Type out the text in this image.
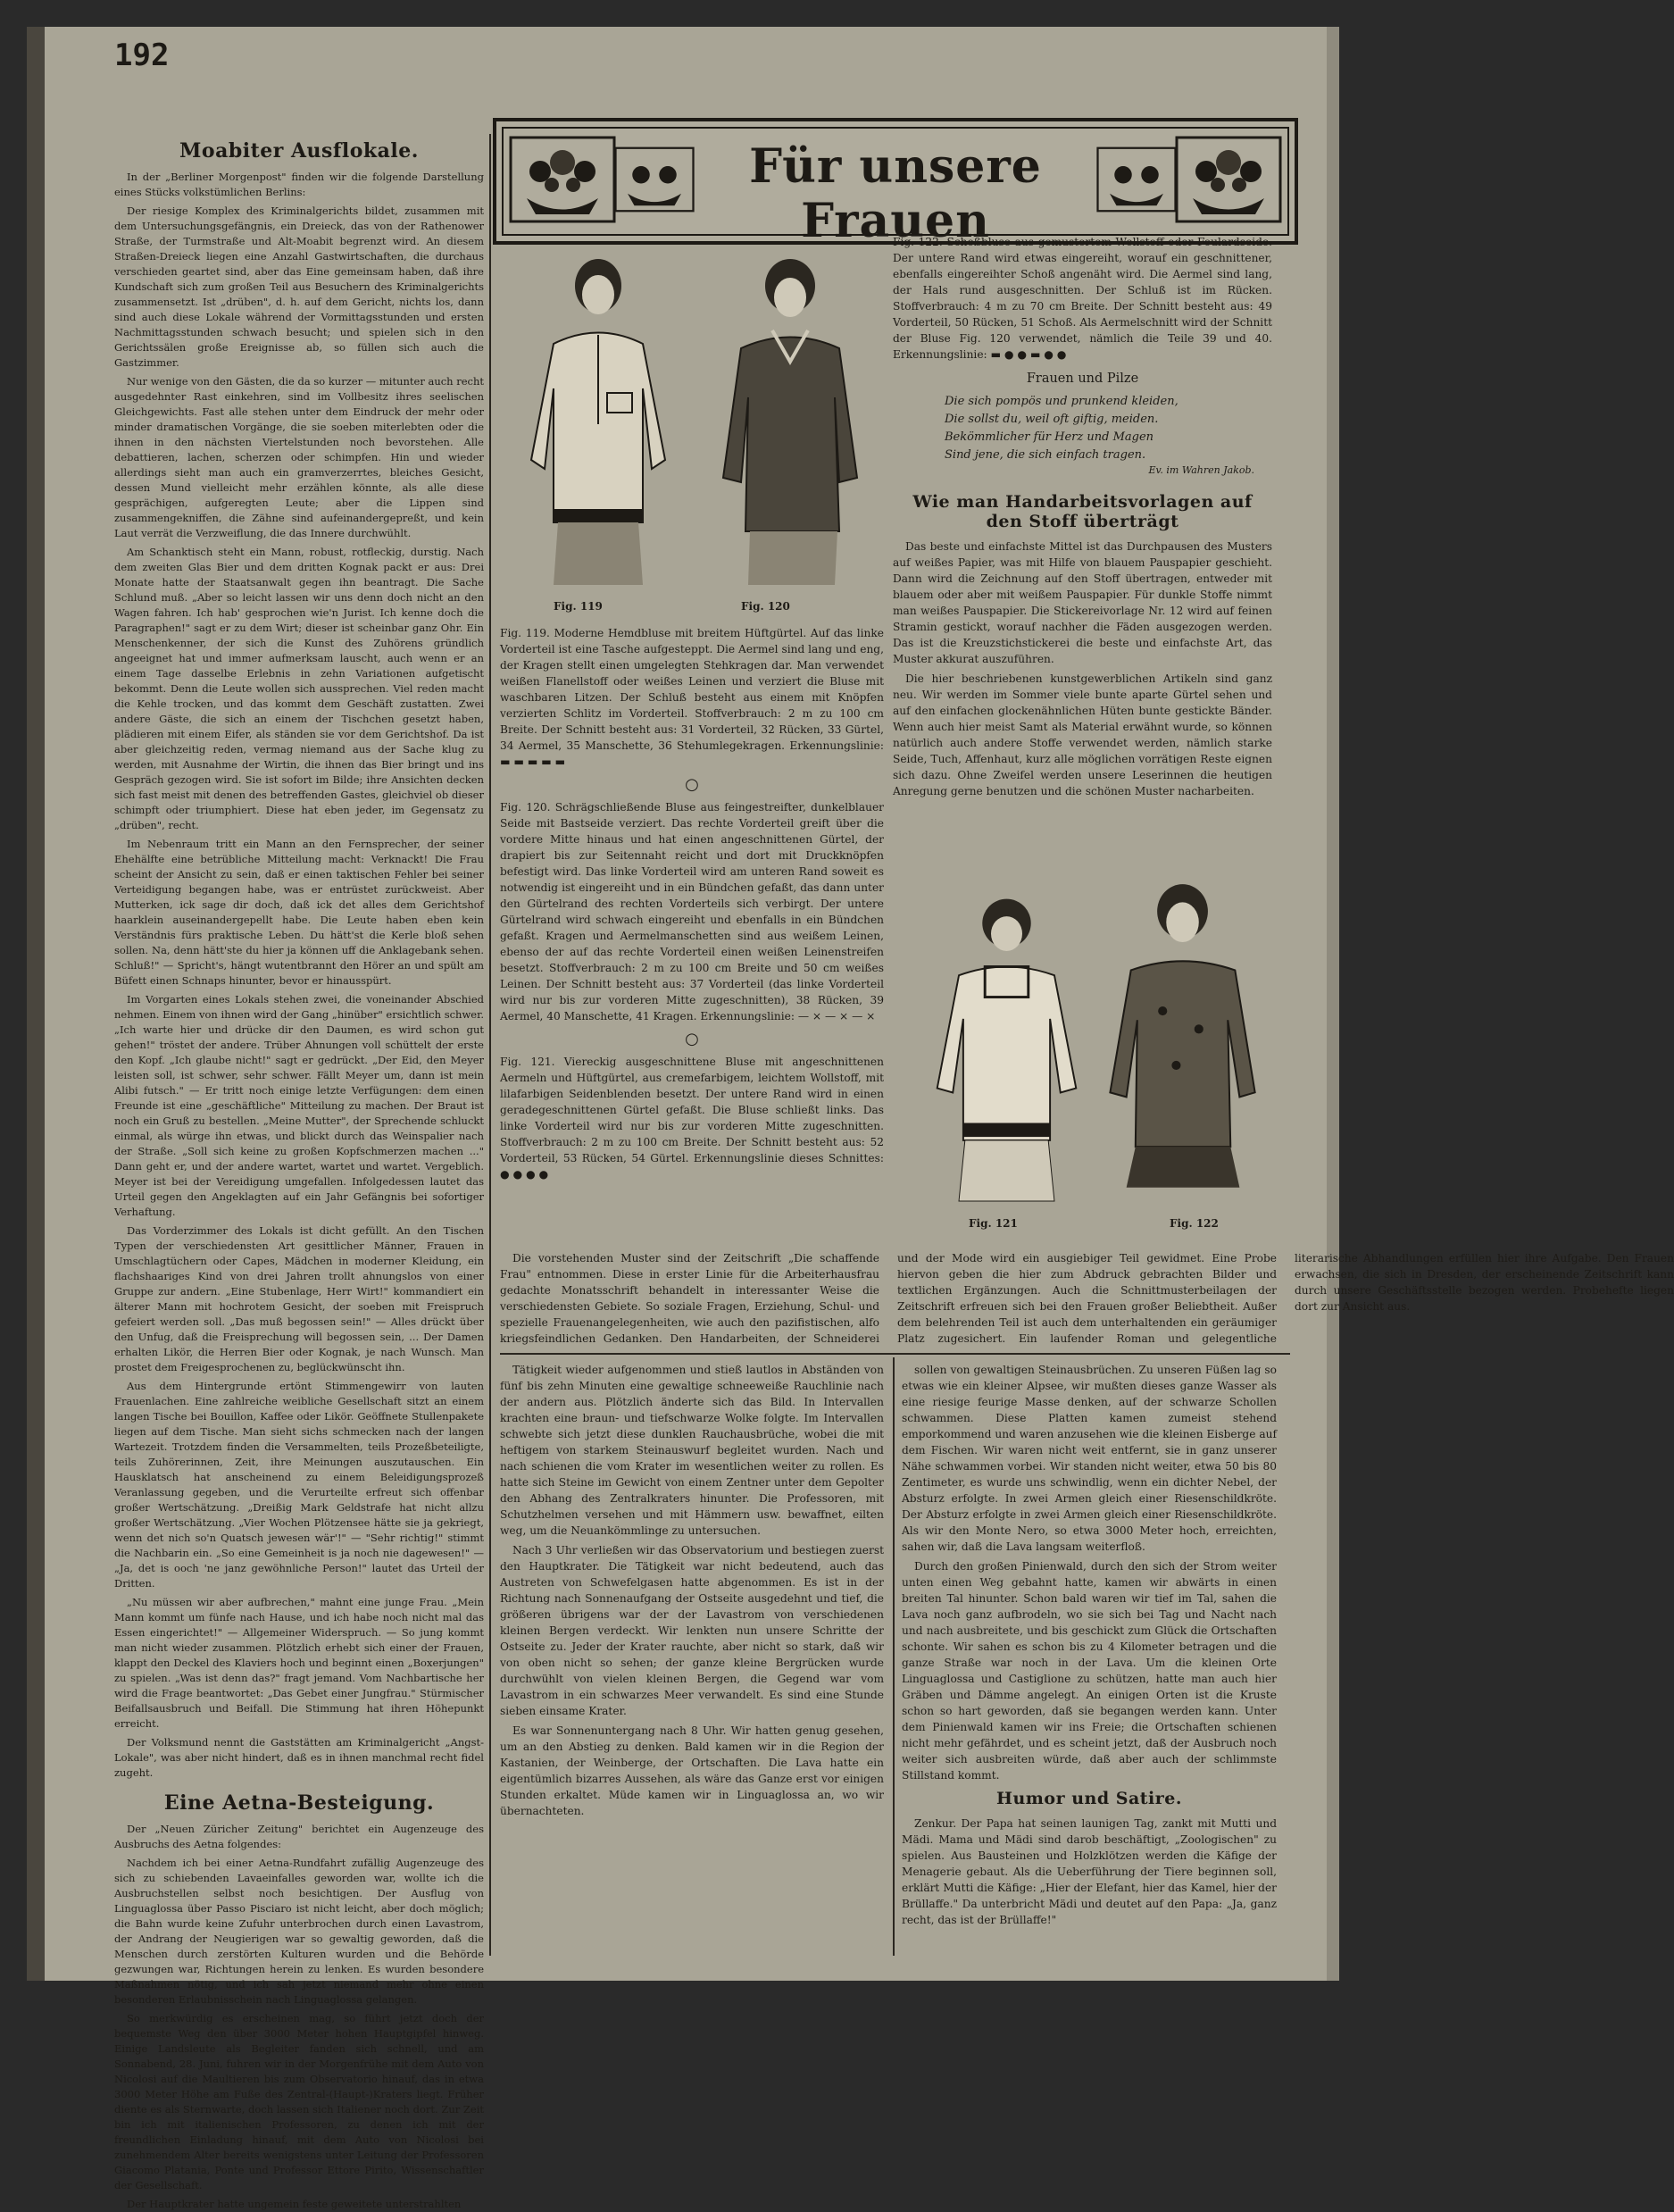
192
Moabiter Ausflokale.

In der „Berliner Morgenpost" finden wir die folgende Darstellung eines Stücks volkstümlichen Berlins:

Der riesige Komplex des Kriminalgerichts bildet, zusammen mit dem Untersuchungsgefängnis, ein Dreieck, das von der Rathenower Straße, der Turmstraße und Alt-Moabit begrenzt wird. An diesem Straßen-Dreieck liegen eine Anzahl Gastwirtschaften, die durchaus verschieden geartet sind, aber das Eine gemeinsam haben, daß ihre Kundschaft sich zum großen Teil aus Besuchern des Kriminalgerichts zusammensetzt. Ist „drüben", d. h. auf dem Gericht, nichts los, dann sind auch diese Lokale während der Vormittagsstunden und ersten Nachmittagsstunden schwach besucht; und spielen sich in den Gerichtssälen große Ereignisse ab, so füllen sich auch die Gastzimmer.

Nur wenige von den Gästen, die da so kurzer — mitunter auch recht ausgedehnter Rast einkehren, sind im Vollbesitz ihres seelischen Gleichgewichts. Fast alle stehen unter dem Eindruck der mehr oder minder dramatischen Vorgänge, die sie soeben miterlebten oder die ihnen in den nächsten Viertelstunden noch bevorstehen. Alle debattieren, lachen, scherzen oder schimpfen. Hin und wieder allerdings sieht man auch ein gramverzerrtes, bleiches Gesicht, dessen Mund vielleicht mehr erzählen könnte, als alle diese gesprächigen, aufgeregten Leute; aber die Lippen sind zusammengekniffen, die Zähne sind aufeinandergepreßt, und kein Laut verrät die Verzweiflung, die das Innere durchwühlt.

Am Schanktisch steht ein Mann, robust, rotfleckig, durstig. Nach dem zweiten Glas Bier und dem dritten Kognak packt er aus: Drei Monate hatte der Staatsanwalt gegen ihn beantragt. Die Sache Schlund muß. „Aber so leicht lassen wir uns denn doch nicht an den Wagen fahren. Ich hab' gesprochen wie'n Jurist. Ich kenne doch die Paragraphen!" sagt er zu dem Wirt; dieser ist scheinbar ganz Ohr. Ein Menschenkenner, der sich die Kunst des Zuhörens gründlich angeeignet hat und immer aufmerksam lauscht, auch wenn er an einem Tage dasselbe Erlebnis in zehn Variationen aufgetischt bekommt. Denn die Leute wollen sich aussprechen. Viel reden macht die Kehle trocken, und das kommt dem Geschäft zustatten. Zwei andere Gäste, die sich an einem der Tischchen gesetzt haben, plädieren mit einem Eifer, als ständen sie vor dem Gerichtshof. Da ist aber gleichzeitig reden, vermag niemand aus der Sache klug zu werden, mit Ausnahme der Wirtin, die ihnen das Bier bringt und ins Gespräch gezogen wird. Sie ist sofort im Bilde; ihre Ansichten decken sich fast meist mit denen des betreffenden Gastes, gleichviel ob dieser schimpft oder triumphiert. Diese hat eben jeder, im Gegensatz zu „drüben", recht.

Im Nebenraum tritt ein Mann an den Fernsprecher, der seiner Ehehälfte eine betrübliche Mitteilung macht: Verknackt! Die Frau scheint der Ansicht zu sein, daß er einen taktischen Fehler bei seiner Verteidigung begangen habe, was er entrüstet zurückweist. Aber Mutterken, ick sage dir doch, daß ick det alles dem Gerichtshof haarklein auseinandergepellt habe. Die Leute haben eben kein Verständnis fürs praktische Leben. Du hätt'st die Kerle bloß sehen sollen. Na, denn hätt'ste du hier ja können uff die Anklagebank sehen. Schluß!" — Spricht's, hängt wutentbrannt den Hörer an und spült am Büfett einen Schnaps hinunter, bevor er hinausspürt.

Im Vorgarten eines Lokals stehen zwei, die voneinander Abschied nehmen. Einem von ihnen wird der Gang „hinüber" ersichtlich schwer. „Ich warte hier und drücke dir den Daumen, es wird schon gut gehen!" tröstet der andere. Trüber Ahnungen voll schüttelt der erste den Kopf. „Ich glaube nicht!" sagt er gedrückt. „Der Eid, den Meyer leisten soll, ist schwer, sehr schwer. Fällt Meyer um, dann ist mein Alibi futsch." — Er tritt noch einige letzte Verfügungen: dem einen Freunde ist eine „geschäftliche" Mitteilung zu machen. Der Braut ist noch ein Gruß zu bestellen. „Meine Mutter", der Sprechende schluckt einmal, als würge ihn etwas, und blickt durch das Weinspalier nach der Straße. „Soll sich keine zu großen Kopfschmerzen machen ..." Dann geht er, und der andere wartet, wartet und wartet. Vergeblich. Meyer ist bei der Vereidigung umgefallen. Infolgedessen lautet das Urteil gegen den Angeklagten auf ein Jahr Gefängnis bei sofortiger Verhaftung.

Das Vorderzimmer des Lokals ist dicht gefüllt. An den Tischen Typen der verschiedensten Art gesittlicher Männer, Frauen in Umschlagtüchern oder Capes, Mädchen in moderner Kleidung, ein flachshaariges Kind von drei Jahren trollt ahnungslos von einer Gruppe zur andern. „Eine Stubenlage, Herr Wirt!" kommandiert ein älterer Mann mit hochrotem Gesicht, der soeben mit Freispruch gefeiert werden soll. „Das muß begossen sein!" — Alles drückt über den Unfug, daß die Freisprechung will begossen sein, ... Der Damen erhalten Likör, die Herren Bier oder Kognak, je nach Wunsch. Man prostet dem Freigesprochenen zu, beglückwünscht ihn.

Aus dem Hintergrunde ertönt Stimmengewirr von lauten Frauenlachen. Eine zahlreiche weibliche Gesellschaft sitzt an einem langen Tische bei Bouillon, Kaffee oder Likör. Geöffnete Stullenpakete liegen auf dem Tische. Man sieht sichs schmecken nach der langen Wartezeit. Trotzdem finden die Versammelten, teils Prozeßbeteiligte, teils Zuhörerinnen, Zeit, ihre Meinungen auszutauschen. Ein Hausklatsch hat anscheinend zu einem Beleidigungsprozeß Veranlassung gegeben, und die Verurteilte erfreut sich offenbar großer Wertschätzung. „Dreißig Mark Geldstrafe hat nicht allzu großer Wertschätzung. „Vier Wochen Plötzensee hätte sie ja gekriegt, wenn det nich so'n Quatsch jewesen wär'!" — "Sehr richtig!" stimmt die Nachbarin ein. „So eine Gemeinheit is ja noch nie dagewesen!" — „Ja, det is ooch 'ne janz gewöhnliche Person!" lautet das Urteil der Dritten.

„Nu müssen wir aber aufbrechen," mahnt eine junge Frau. „Mein Mann kommt um fünfe nach Hause, und ich habe noch nicht mal das Essen eingerichtet!" — Allgemeiner Widerspruch. — So jung kommt man nicht wieder zusammen. Plötzlich erhebt sich einer der Frauen, klappt den Deckel des Klaviers hoch und beginnt einen „Boxerjungen" zu spielen. „Was ist denn das?" fragt jemand. Vom Nachbartische her wird die Frage beantwortet: „Das Gebet einer Jungfrau." Stürmischer Beifallsausbruch und Beifall. Die Stimmung hat ihren Höhepunkt erreicht.

Der Volksmund nennt die Gaststätten am Kriminalgericht „Angst-Lokale", was aber nicht hindert, daß es in ihnen manchmal recht fidel zugeht.

Eine Aetna-Besteigung.

Der „Neuen Züricher Zeitung" berichtet ein Augenzeuge des Ausbruchs des Aetna folgendes:

Nachdem ich bei einer Aetna-Rundfahrt zufällig Augenzeuge des sich zu schiebenden Lavaeinfalles geworden war, wollte ich die Ausbruchstellen selbst noch besichtigen. Der Ausflug von Linguaglossa über Passo Pisciaro ist nicht leicht, aber doch möglich; die Bahn wurde keine Zufuhr unterbrochen durch einen Lavastrom, der Andrang der Neugierigen war so gewaltig geworden, daß die Menschen durch zerstörten Kulturen wurden und die Behörde gezwungen war, Richtungen herein zu lenken. Es wurden besondere Maßnahmen nötig, und ich sah jetzt niemand mehr ohne einen besonderen Erlaubnisschein nach Linguaglossa gelangen.

So merkwürdig es erscheinen mag, so führt jetzt doch der bequemste Weg den über 3000 Meter hohen Hauptgipfel hinweg. Einige Landsleute als Begleiter fanden sich schnell, und am Sonnabend, 28. Juni, fuhren wir in der Morgenfrühe mit dem Auto von Nicolosi auf die Maultieren bis zum Observatorio hinauf, das in etwa 3000 Meter Höhe am Fuße des Zentral-(Haupt-)Kraters liegt. Früher diente es als Sternwarte, doch lassen sich Italiener noch dort. Zur Zeit bin ich mit italienischen Professoren, zu denen ich mit der freundlichen Einladung hinauf, mit dem Auto von Nicolosi bei zunehmendem Alter bereits wenigstens unter Leitung der Professoren Giacomo Platania, Ponte und Professor Ettore Pirito, Wissenschaftler der Gesellschaft.

Der Hauptkrater hatte ungemein feste geweitete unterstrahlten

Für unsere Frauen
Fig. 119	Fig. 120

Fig. 119. Moderne Hemdbluse mit breitem Hüftgürtel. Auf das linke Vorderteil ist eine Tasche aufgesteppt. Die Aermel sind lang und eng, der Kragen stellt einen umgelegten Stehkragen dar. Man verwendet weißen Flanellstoff oder weißes Leinen und verziert die Bluse mit waschbaren Litzen. Der Schluß besteht aus einem mit Knöpfen verzierten Schlitz im Vorderteil. Stoffverbrauch: 2 m zu 100 cm Breite. Der Schnitt besteht aus: 31 Vorderteil, 32 Rücken, 33 Gürtel, 34 Aermel, 35 Manschette, 36 Stehumlegekragen. Erkennungslinie: ▬ ▬ ▬ ▬ ▬

○

Fig. 120. Schrägschließende Bluse aus feingestreifter, dunkelblauer Seide mit Bastseide verziert. Das rechte Vorderteil greift über die vordere Mitte hinaus und hat einen angeschnittenen Gürtel, der drapiert bis zur Seitennaht reicht und dort mit Druckknöpfen befestigt wird. Das linke Vorderteil wird am unteren Rand soweit es notwendig ist eingereiht und in ein Bündchen gefaßt, das dann unter den Gürtelrand des rechten Vorderteils sich verbirgt. Der untere Gürtelrand wird schwach eingereiht und ebenfalls in ein Bündchen gefaßt. Kragen und Aermelmanschetten sind aus weißem Leinen, ebenso der auf das rechte Vorderteil einen weißen Leinenstreifen besetzt. Stoffverbrauch: 2 m zu 100 cm Breite und 50 cm weißes Leinen. Der Schnitt besteht aus: 37 Vorderteil (das linke Vorderteil wird nur bis zur vorderen Mitte zugeschnitten), 38 Rücken, 39 Aermel, 40 Manschette, 41 Kragen. Erkennungslinie: — × — × — ×

○

Fig. 121. Viereckig ausgeschnittene Bluse mit angeschnittenen Aermeln und Hüftgürtel, aus cremefarbigem, leichtem Wollstoff, mit lilafarbigen Seidenblenden besetzt. Der untere Rand wird in einen geradegeschnittenen Gürtel gefaßt. Die Bluse schließt links. Das linke Vorderteil wird nur bis zur vorderen Mitte zugeschnitten. Stoffverbrauch: 2 m zu 100 cm Breite. Der Schnitt besteht aus: 52 Vorderteil, 53 Rücken, 54 Gürtel. Erkennungslinie dieses Schnittes: ● ● ● ●

Fig. 122. Schoßbluse aus gemustertem Wollstoff oder Foulardseide. Der untere Rand wird etwas eingereiht, worauf ein geschnittener, ebenfalls eingereihter Schoß angenäht wird. Die Aermel sind lang, der Hals rund ausgeschnitten. Der Schluß ist im Rücken. Stoffverbrauch: 4 m zu 70 cm Breite. Der Schnitt besteht aus: 49 Vorderteil, 50 Rücken, 51 Schoß. Als Aermelschnitt wird der Schnitt der Bluse Fig. 120 verwendet, nämlich die Teile 39 und 40. Erkennungslinie: ▬ ● ● ▬ ● ●

Frauen und Pilze
Die sich pompös und prunkend kleiden,
Die sollst du, weil oft giftig, meiden.
Bekömmlicher für Herz und Magen
Sind jene, die sich einfach tragen.
Ev. im Wahren Jakob.
Wie man Handarbeitsvorlagen auf den Stoff überträgt

Das beste und einfachste Mittel ist das Durchpausen des Musters auf weißes Papier, was mit Hilfe von blauem Pauspapier geschieht. Dann wird die Zeichnung auf den Stoff übertragen, entweder mit blauem oder aber mit weißem Pauspapier. Für dunkle Stoffe nimmt man weißes Pauspapier. Die Stickereivorlage Nr. 12 wird auf feinen Stramin gestickt, worauf nachher die Fäden ausgezogen werden. Das ist die Kreuzstichstickerei die beste und einfachste Art, das Muster akkurat auszuführen.

Die hier beschriebenen kunstgewerblichen Artikeln sind ganz neu. Wir werden im Sommer viele bunte aparte Gürtel sehen und auf den einfachen glockenähnlichen Hüten bunte gestickte Bänder. Wenn auch hier meist Samt als Material erwähnt wurde, so können natürlich auch andere Stoffe verwendet werden, nämlich starke Seide, Tuch, Affenhaut, kurz alle möglichen vorrätigen Reste eignen sich dazu. Ohne Zweifel werden unsere Leserinnen die heutigen Anregung gerne benutzen und die schönen Muster nacharbeiten.

Fig. 121	Fig. 122

Die vorstehenden Muster sind der Zeitschrift „Die schaffende Frau" entnommen. Diese in erster Linie für die Arbeiterhausfrau gedachte Monatsschrift behandelt in interessanter Weise die verschiedensten Gebiete. So soziale Fragen, Erziehung, Schul- und spezielle Frauenangelegenheiten, wie auch den pazifistischen, alfo kriegsfeindlichen Gedanken. Den Handarbeiten, der Schneiderei und der Mode wird ein ausgiebiger Teil gewidmet. Eine Probe hiervon geben die hier zum Abdruck gebrachten Bilder und textlichen Ergänzungen. Auch die Schnittmusterbeilagen der Zeitschrift erfreuen sich bei den Frauen großer Beliebtheit. Außer dem belehrenden Teil ist auch dem unterhaltenden ein geräumiger Platz zugesichert. Ein laufender Roman und gelegentliche literarische Abhandlungen erfüllen hier ihre Aufgabe. Den Frauen erwachsen, die sich in Dresden, der erscheinende Zeitschrift kann durch unsere Geschäftsstelle bezogen werden. Probehefte liegen dort zur Ansicht aus.

Tätigkeit wieder aufgenommen und stieß lautlos in Abständen von fünf bis zehn Minuten eine gewaltige schneeweiße Rauchlinie nach der andern aus. Plötzlich änderte sich das Bild. In Intervallen krachten eine braun- und tiefschwarze Wolke folgte. Im Intervallen schwebte sich jetzt diese dunklen Rauchausbrüche, wobei die mit heftigem von starkem Steinauswurf begleitet wurden. Nach und nach schienen die vom Krater im wesentlichen weiter zu rollen. Es hatte sich Steine im Gewicht von einem Zentner unter dem Gepolter den Abhang des Zentralkraters hinunter. Die Professoren, mit Schutzhelmen versehen und mit Hämmern usw. bewaffnet, eilten weg, um die Neuankömmlinge zu untersuchen.

Nach 3 Uhr verließen wir das Observatorium und bestiegen zuerst den Hauptkrater. Die Tätigkeit war nicht bedeutend, auch das Austreten von Schwefelgasen hatte abgenommen. Es ist in der Richtung nach Sonnenaufgang der Ostseite ausgedehnt und tief, die größeren übrigens war der der Lavastrom von verschiedenen kleinen Bergen verdeckt. Wir lenkten nun unsere Schritte der Ostseite zu. Jeder der Krater rauchte, aber nicht so stark, daß wir von oben nicht so sehen; der ganze kleine Bergrücken wurde durchwühlt von vielen kleinen Bergen, die Gegend war vom Lavastrom in ein schwarzes Meer verwandelt. Es sind eine Stunde sieben einsame Krater.

Es war Sonnenuntergang nach 8 Uhr. Wir hatten genug gesehen, um an den Abstieg zu denken. Bald kamen wir in die Region der Kastanien, der Weinberge, der Ortschaften. Die Lava hatte ein eigentümlich bizarres Aussehen, als wäre das Ganze erst vor einigen Stunden erkaltet. Müde kamen wir in Linguaglossa an, wo wir übernachteten.

sollen von gewaltigen Steinausbrüchen. Zu unseren Füßen lag so etwas wie ein kleiner Alpsee, wir mußten dieses ganze Wasser als eine riesige feurige Masse denken, auf der schwarze Schollen schwammen. Diese Platten kamen zumeist stehend emporkommend und waren anzusehen wie die kleinen Eisberge auf dem Fischen. Wir waren nicht weit entfernt, sie in ganz unserer Nähe schwammen vorbei. Wir standen nicht weiter, etwa 50 bis 80 Zentimeter, es wurde uns schwindlig, wenn ein dichter Nebel, der Absturz erfolgte. In zwei Armen gleich einer Riesenschildkröte. Der Absturz erfolgte in zwei Armen gleich einer Riesenschildkröte. Als wir den Monte Nero, so etwa 3000 Meter hoch, erreichten, sahen wir, daß die Lava langsam weiterfloß.

Durch den großen Pinienwald, durch den sich der Strom weiter unten einen Weg gebahnt hatte, kamen wir abwärts in einen breiten Tal hinunter. Schon bald waren wir tief im Tal, sahen die Lava noch ganz aufbrodeln, wo sie sich bei Tag und Nacht nach und nach ausbreitete, und bis geschickt zum Glück die Ortschaften schonte. Wir sahen es schon bis zu 4 Kilometer betragen und die ganze Straße war noch in der Lava. Um die kleinen Orte Linguaglossa und Castiglione zu schützen, hatte man auch hier Gräben und Dämme angelegt. An einigen Orten ist die Kruste schon so hart geworden, daß sie begangen werden kann. Unter dem Pinienwald kamen wir ins Freie; die Ortschaften schienen nicht mehr gefährdet, und es scheint jetzt, daß der Ausbruch noch weiter sich ausbreiten würde, daß aber auch der schlimmste Stillstand kommt.

Humor und Satire.

Zenkur. Der Papa hat seinen launigen Tag, zankt mit Mutti und Mädi. Mama und Mädi sind darob beschäftigt, „Zoologischen" zu spielen. Aus Bausteinen und Holzklötzen werden die Käfige der Menagerie gebaut. Als die Ueberführung der Tiere beginnen soll, erklärt Mutti die Käfige: „Hier der Elefant, hier das Kamel, hier der Brüllaffe." Da unterbricht Mädi und deutet auf den Papa: „Ja, ganz recht, das ist der Brüllaffe!"
